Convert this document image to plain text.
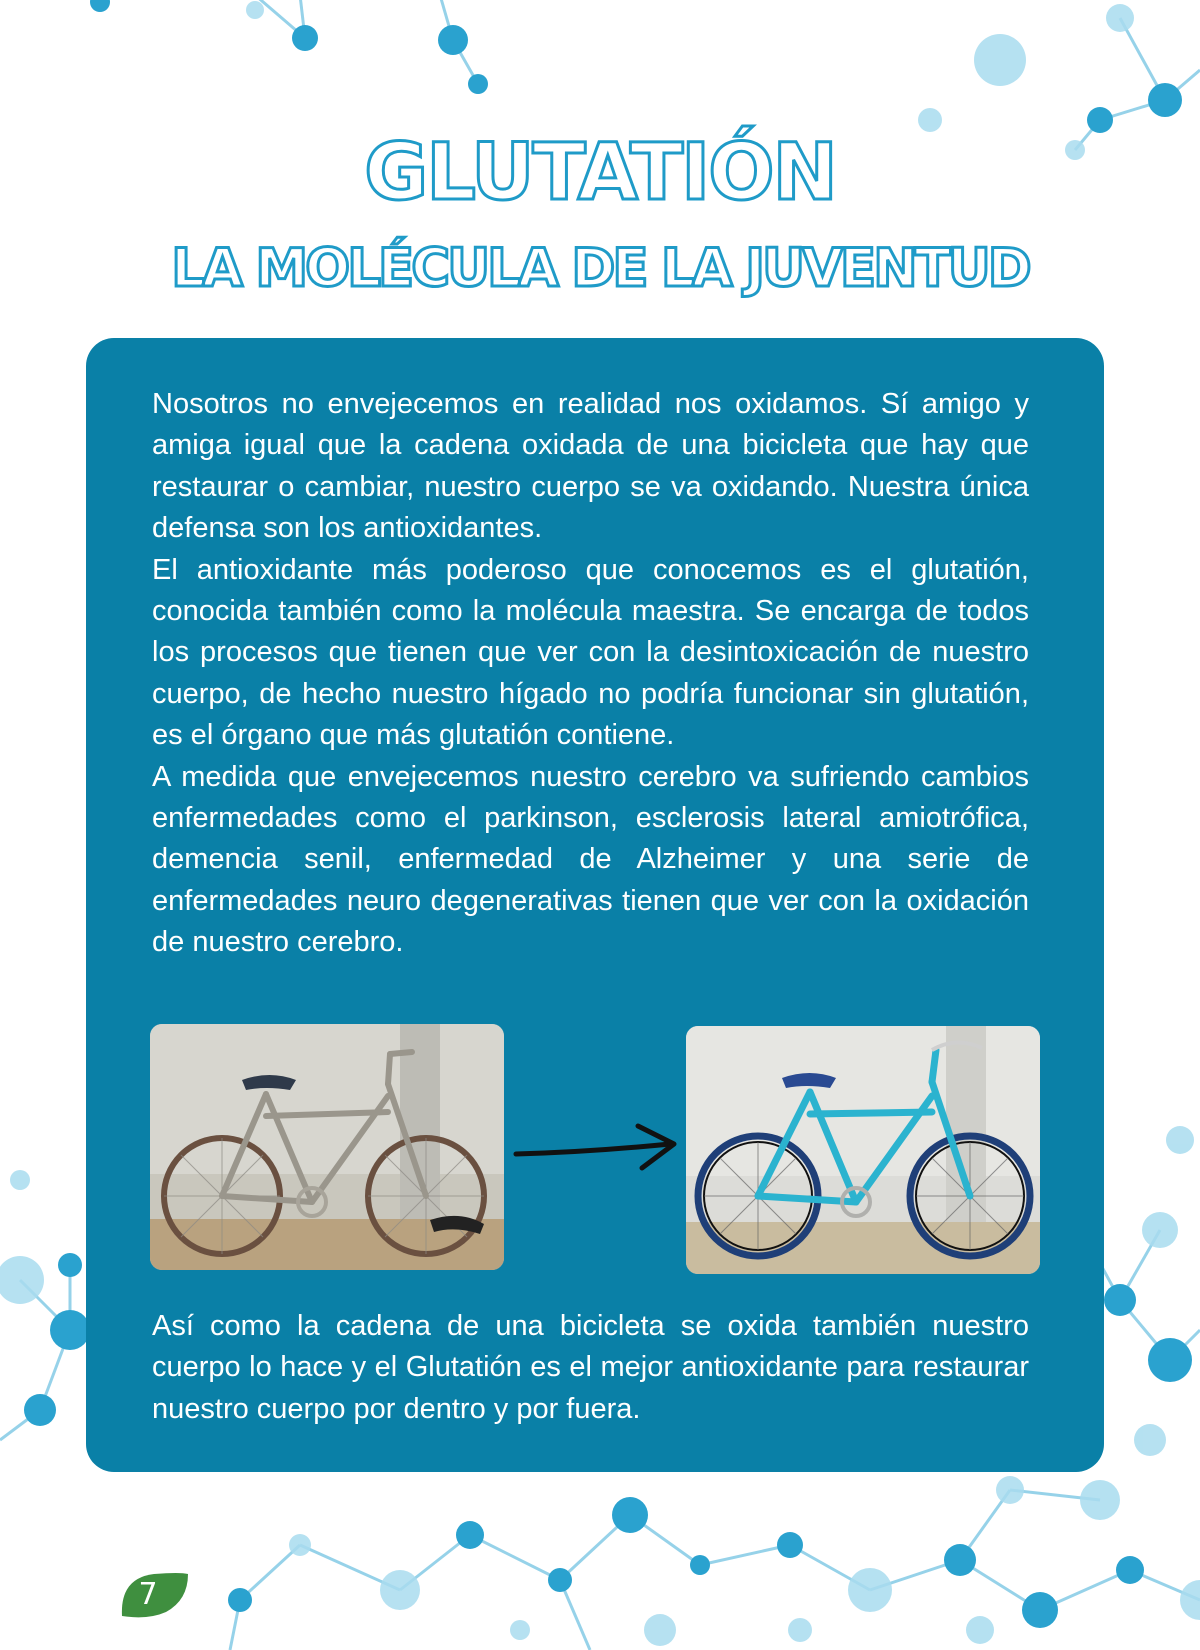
GLUTATIÓN
LA MOLÉCULA DE LA JUVENTUD

Nosotros no envejecemos en realidad nos oxidamos. Sí amigo y amiga igual que la cadena oxidada de una bicicleta que hay que restaurar o cambiar, nuestro cuerpo se va oxidando. Nuestra única defensa son los antioxidantes.

El antioxidante más poderoso que conocemos es el glutatión, conocida también como la molécula maestra. Se encarga de todos los procesos que tienen que ver con la desintoxicación de nuestro cuerpo, de hecho nuestro hígado no podría funcionar sin glutatión, es el órgano que más glutatión contiene.

A medida que envejecemos nuestro cerebro va sufriendo cambios enfermedades como el parkinson, esclerosis lateral amiotrófica, demencia senil, enfermedad de Alzheimer y una serie de enfermedades neuro degenerativas tienen que ver con la oxidación de nuestro cerebro.

Así como la cadena de una bicicleta se oxida también nuestro cuerpo lo hace y el Glutatión es el mejor antioxidante para restaurar nuestro cuerpo por dentro y por fuera.

7
